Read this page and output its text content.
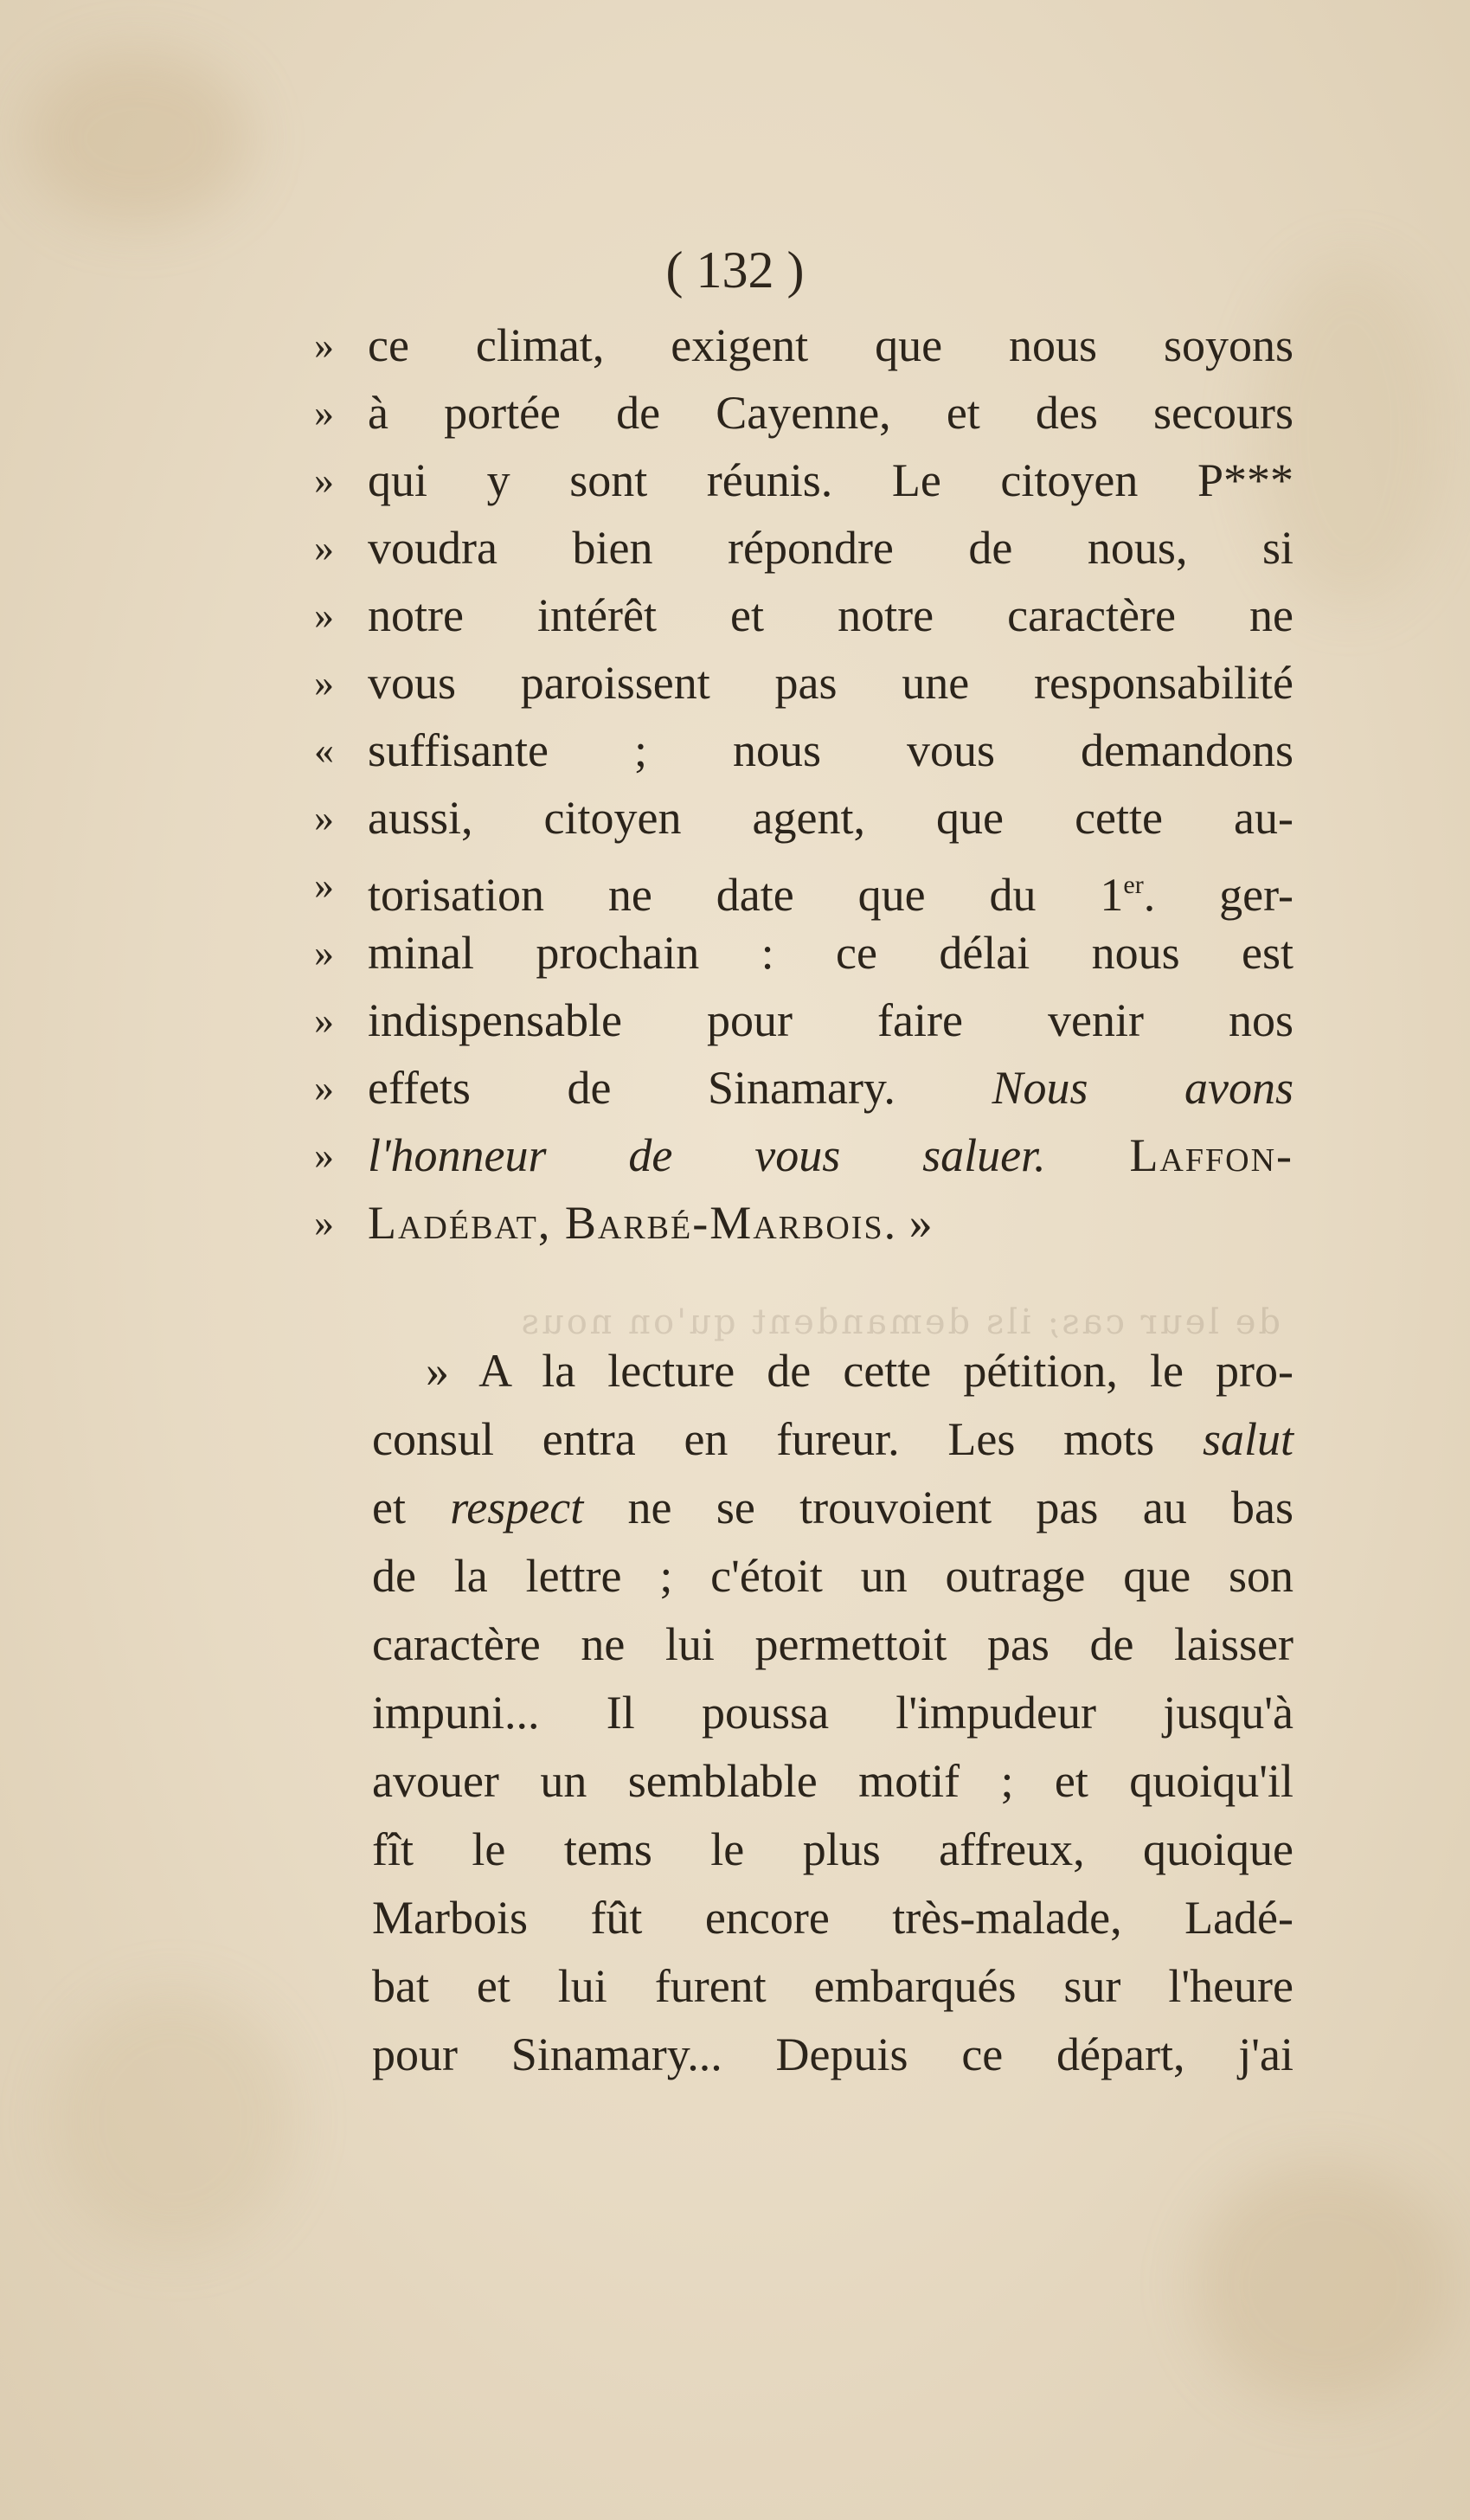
de leur cas; ils demandent qu'on nous
( 132 )
» ce climat, exigent que nous soyons
» à portée de Cayenne, et des secours
» qui y sont réunis. Le citoyen P***
» voudra bien répondre de nous, si
» notre intérêt et notre caractère ne
» vous paroissent pas une responsabilité
« suffisante ; nous vous demandons
» aussi, citoyen agent, que cette au-
» torisation ne date que du 1er. ger-
» minal prochain : ce délai nous est
» indispensable pour faire venir nos
» effets de Sinamary. Nous avons
» l'honneur de vous saluer. Laffon-
» Ladébat, Barbé-Marbois. »
» A la lecture de cette pétition, le pro-
consul entra en fureur. Les mots salut
et respect ne se trouvoient pas au bas
de la lettre ; c'étoit un outrage que son
caractère ne lui permettoit pas de laisser
impuni... Il poussa l'impudeur jusqu'à
avouer un semblable motif ; et quoiqu'il
fît le tems le plus affreux, quoique
Marbois fût encore très-malade, Ladé-
bat et lui furent embarqués sur l'heure
pour Sinamary... Depuis ce départ, j'ai
